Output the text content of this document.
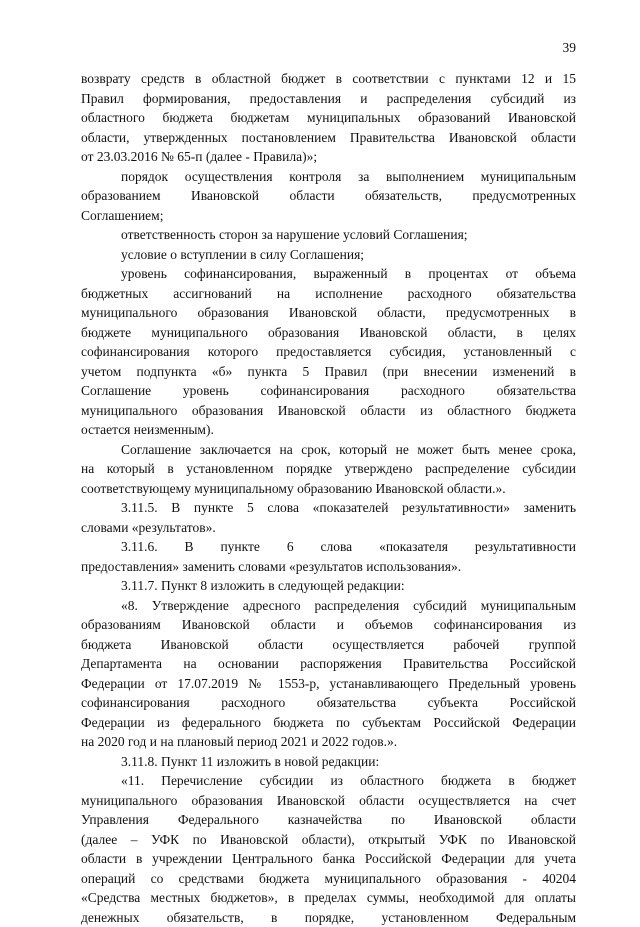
39
возврату средств в областной бюджет в соответствии с пунктами 12 и 15
Правил формирования, предоставления и распределения субсидий из
областного бюджета бюджетам муниципальных образований Ивановской
области, утвержденных постановлением Правительства Ивановской области
от 23.03.2016 № 65-п (далее - Правила)»;
порядок осуществления контроля за выполнением муниципальным
образованием Ивановской области обязательств, предусмотренных
Соглашением;
ответственность сторон за нарушение условий Соглашения;
условие о вступлении в силу Соглашения;
уровень софинансирования, выраженный в процентах от объема
бюджетных ассигнований на исполнение расходного обязательства
муниципального образования Ивановской области, предусмотренных в
бюджете муниципального образования Ивановской области, в целях
софинансирования которого предоставляется субсидия, установленный с
учетом подпункта «б» пункта 5 Правил (при внесении изменений в
Соглашение уровень софинансирования расходного обязательства
муниципального образования Ивановской области из областного бюджета
остается неизменным).
Соглашение заключается на срок, который не может быть менее срока,
на который в установленном порядке утверждено распределение субсидии
соответствующему муниципальному образованию Ивановской области.».
3.11.5. В пункте 5 слова «показателей результативности» заменить
словами «результатов».
3.11.6. В пункте 6 слова «показателя результативности
предоставления» заменить словами «результатов использования».
3.11.7. Пункт 8 изложить в следующей редакции:
«8. Утверждение адресного распределения субсидий муниципальным
образованиям Ивановской области и объемов софинансирования из
бюджета Ивановской области осуществляется рабочей группой
Департамента на основании распоряжения Правительства Российской
Федерации от 17.07.2019 № 1553-р, устанавливающего Предельный уровень
софинансирования расходного обязательства субъекта Российской
Федерации из федерального бюджета по субъектам Российской Федерации
на 2020 год и на плановый период 2021 и 2022 годов.».
3.11.8. Пункт 11 изложить в новой редакции:
«11. Перечисление субсидии из областного бюджета в бюджет
муниципального образования Ивановской области осуществляется на счет
Управления Федерального казначейства по Ивановской области
(далее – УФК по Ивановской области), открытый УФК по Ивановской
области в учреждении Центрального банка Российской Федерации для учета
операций со средствами бюджета муниципального образования - 40204
«Средства местных бюджетов», в пределах суммы, необходимой для оплаты
денежных обязательств, в порядке, установленном Федеральным
